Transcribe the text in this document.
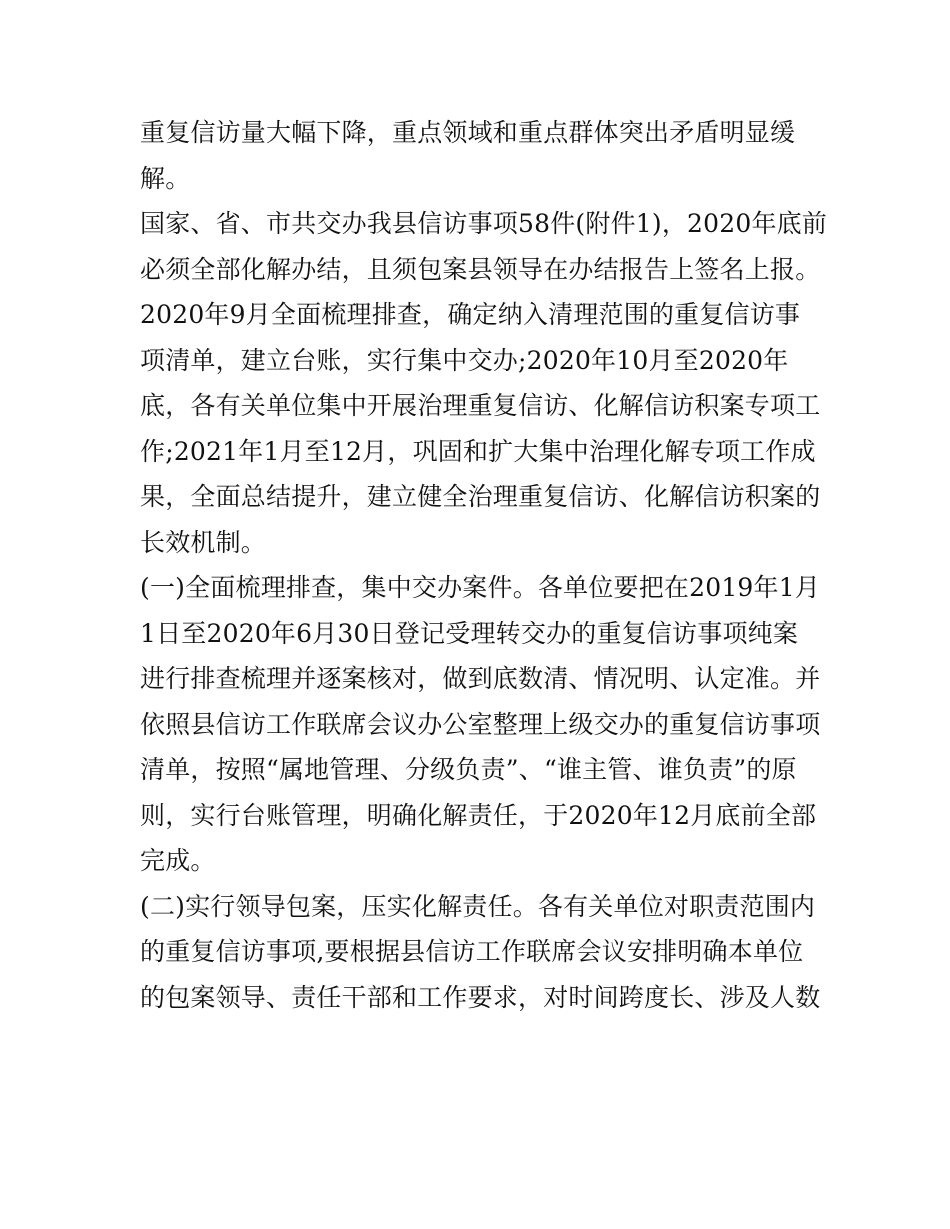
重复信访量大幅下降，重点领域和重点群体突出矛盾明显缓
解。
国家、省、市共交办我县信访事项58件(附件1)，2020年底前
必须全部化解办结，且须包案县领导在办结报告上签名上报。
2020年9月全面梳理排查，确定纳入清理范围的重复信访事
项清单，建立台账，实行集中交办;2020年10月至2020年
底，各有关单位集中开展治理重复信访、化解信访积案专项工
作;2021年1月至12月，巩固和扩大集中治理化解专项工作成
果，全面总结提升，建立健全治理重复信访、化解信访积案的
长效机制。
(一)全面梳理排查，集中交办案件。各单位要把在2019年1月
1日至2020年6月30日登记受理转交办的重复信访事项纯案
进行排查梳理并逐案核对，做到底数清、情况明、认定准。并
依照县信访工作联席会议办公室整理上级交办的重复信访事项
清单，按照“属地管理、分级负责”、“谁主管、谁负责”的原
则，实行台账管理，明确化解责任，于2020年12月底前全部
完成。
(二)实行领导包案，压实化解责任。各有关单位对职责范围内
的重复信访事项,要根据县信访工作联席会议安排明确本单位
的包案领导、责任干部和工作要求，对时间跨度长、涉及人数
